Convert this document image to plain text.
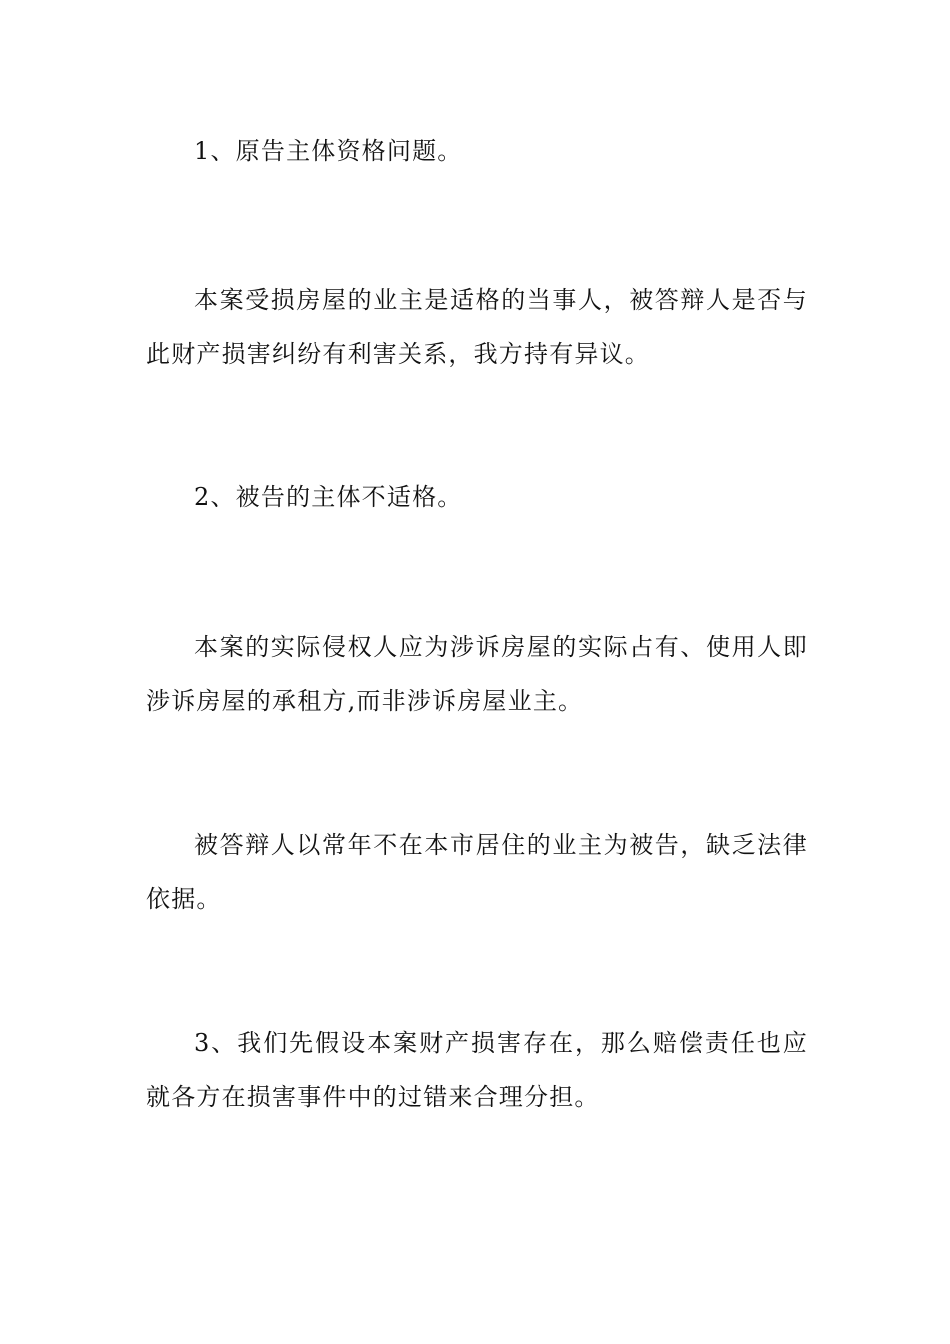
1、原告主体资格问题。

本案受损房屋的业主是适格的当事人，被答辩人是否与此财产损害纠纷有利害关系，我方持有异议。

2、被告的主体不适格。

本案的实际侵权人应为涉诉房屋的实际占有、使用人即涉诉房屋的承租方,而非涉诉房屋业主。

被答辩人以常年不在本市居住的业主为被告，缺乏法律依据。

3、我们先假设本案财产损害存在，那么赔偿责任也应就各方在损害事件中的过错来合理分担。
